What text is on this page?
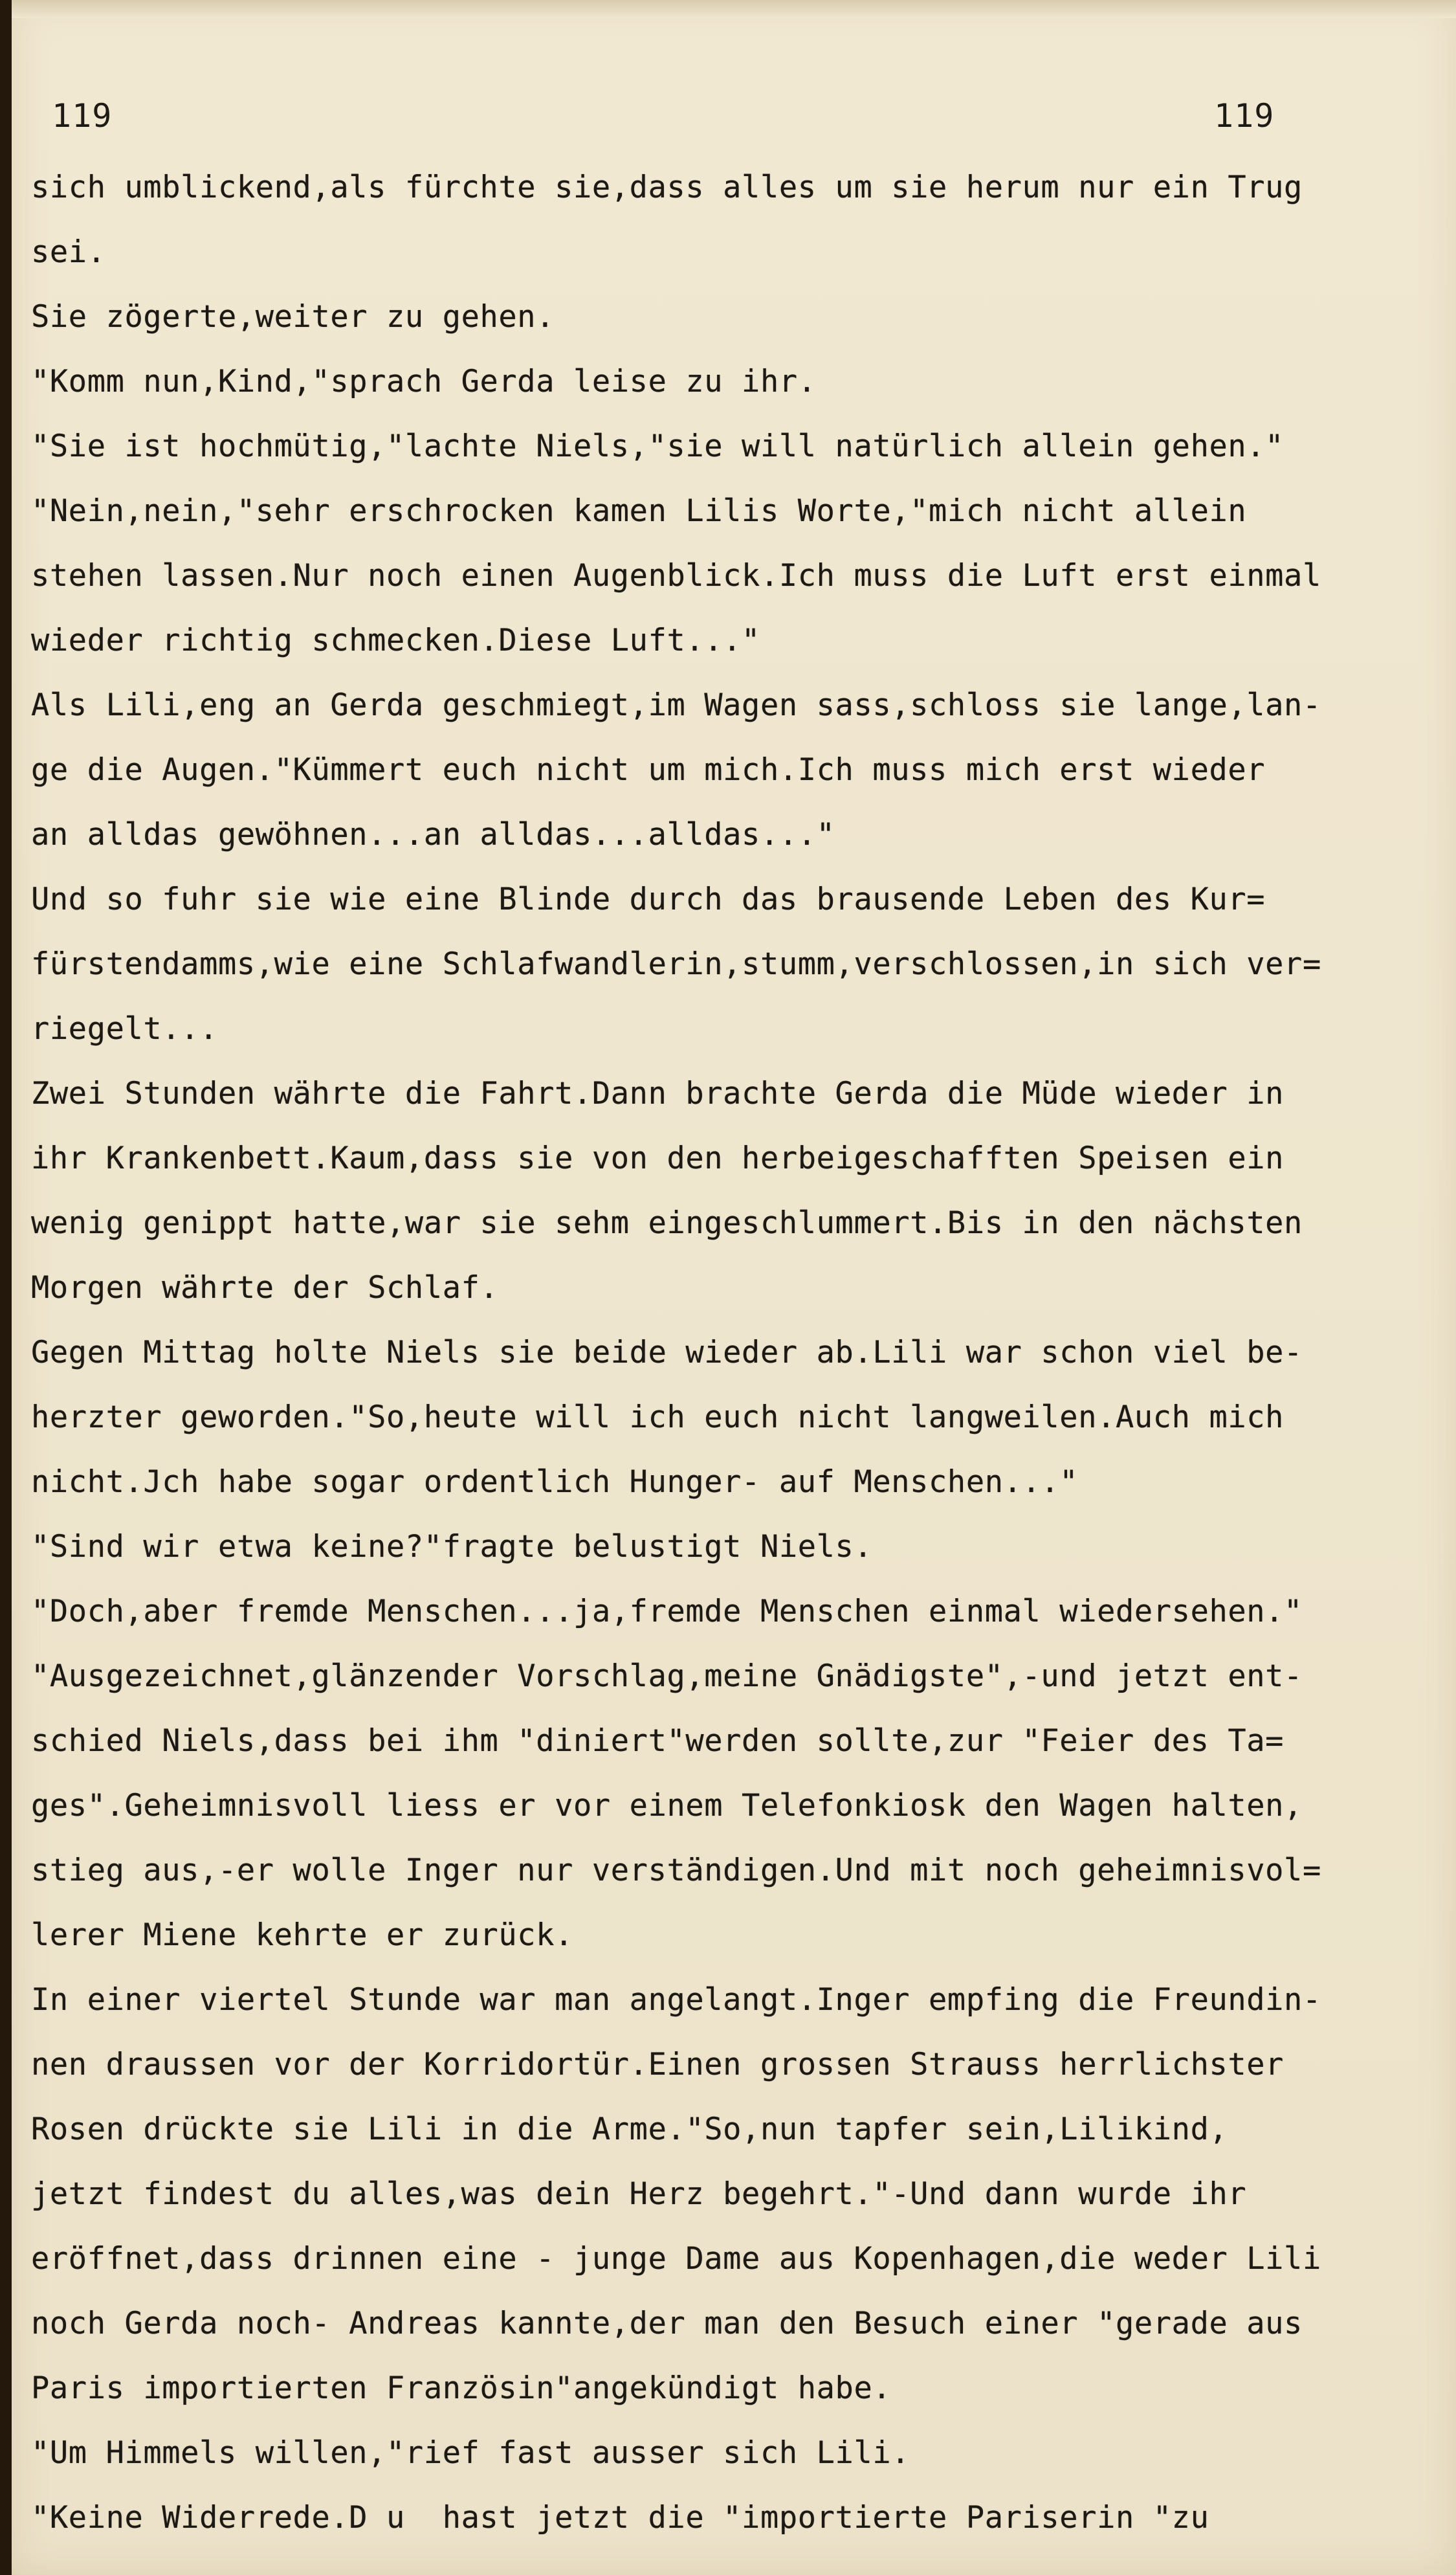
119	119
sich umblickend,als fürchte sie,dass alles um sie herum nur ein Trug
sei.
Sie zögerte,weiter zu gehen.
"Komm nun,Kind,"sprach Gerda leise zu ihr.
"Sie ist hochmütig,"lachte Niels,"sie will natürlich allein gehen."
"Nein,nein,"sehr erschrocken kamen Lilis Worte,"mich nicht allein
stehen lassen.Nur noch einen Augenblick.Ich muss die Luft erst einmal
wieder richtig schmecken.Diese Luft..."
Als Lili,eng an Gerda geschmiegt,im Wagen sass,schloss sie lange,lan-
ge die Augen."Kümmert euch nicht um mich.Ich muss mich erst wieder
an alldas gewöhnen...an alldas...alldas..."
Und so fuhr sie wie eine Blinde durch das brausende Leben des Kur=
fürstendamms,wie eine Schlafwandlerin,stumm,verschlossen,in sich ver=
riegelt...
Zwei Stunden währte die Fahrt.Dann brachte Gerda die Müde wieder in
ihr Krankenbett.Kaum,dass sie von den herbeigeschafften Speisen ein
wenig genippt hatte,war sie sehm eingeschlummert.Bis in den nächsten
Morgen währte der Schlaf.
Gegen Mittag holte Niels sie beide wieder ab.Lili war schon viel be-
herzter geworden."So,heute will ich euch nicht langweilen.Auch mich
nicht.Jch habe sogar ordentlich Hunger- auf Menschen..."
"Sind wir etwa keine?"fragte belustigt Niels.
"Doch,aber fremde Menschen...ja,fremde Menschen einmal wiedersehen."
"Ausgezeichnet,glänzender Vorschlag,meine Gnädigste",-und jetzt ent-
schied Niels,dass bei ihm "diniert"werden sollte,zur "Feier des Ta=
ges".Geheimnisvoll liess er vor einem Telefonkiosk den Wagen halten,
stieg aus,-er wolle Inger nur verständigen.Und mit noch geheimnisvol=
lerer Miene kehrte er zurück.
In einer viertel Stunde war man angelangt.Inger empfing die Freundin-
nen draussen vor der Korridortür.Einen grossen Strauss herrlichster
Rosen drückte sie Lili in die Arme."So,nun tapfer sein,Lilikind,
jetzt findest du alles,was dein Herz begehrt."-Und dann wurde ihr
eröffnet,dass drinnen eine - junge Dame aus Kopenhagen,die weder Lili
noch Gerda noch- Andreas kannte,der man den Besuch einer "gerade aus
Paris importierten Französin"angekündigt habe.
"Um Himmels willen,"rief fast ausser sich Lili.
"Keine Widerrede.D u  hast jetzt die "importierte Pariserin "zu
